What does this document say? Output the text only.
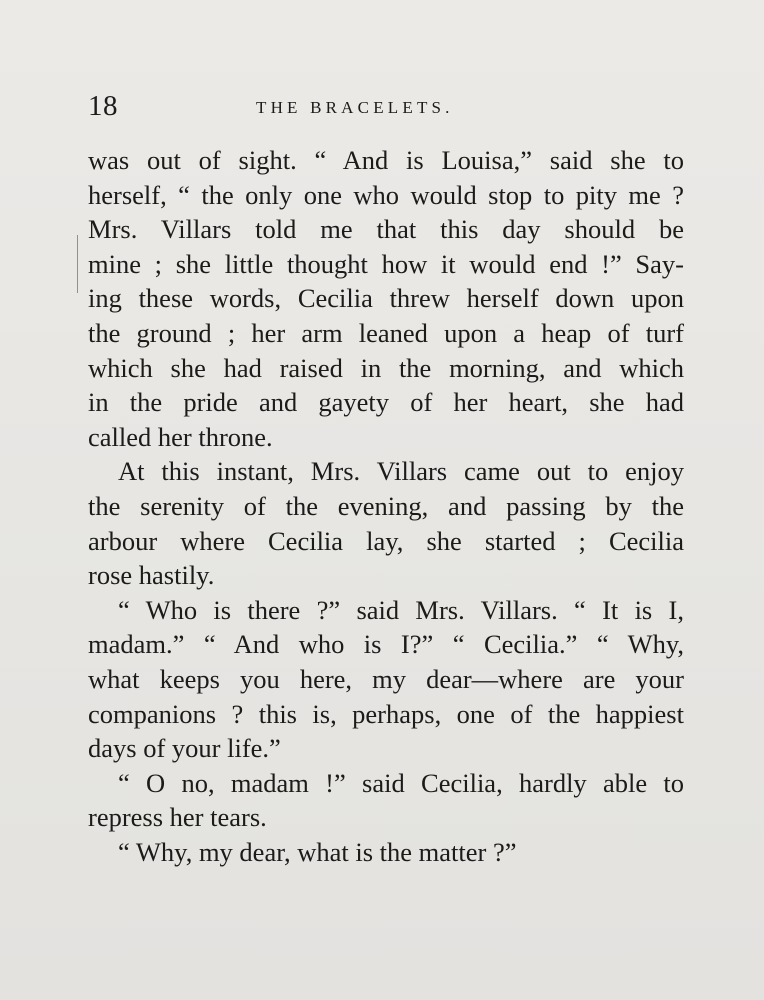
18	THE BRACELETS.
was out of sight. “ And is Louisa,” said she to
herself, “ the only one who would stop to pity me ?
Mrs. Villars told me that this day should be
mine ; she little thought how it would end !” Say-
ing these words, Cecilia threw herself down upon
the ground ; her arm leaned upon a heap of turf
which she had raised in the morning, and which
in the pride and gayety of her heart, she had
called her throne.
At this instant, Mrs. Villars came out to enjoy
the serenity of the evening, and passing by the
arbour where Cecilia lay, she started ; Cecilia
rose hastily.
“ Who is there ?” said Mrs. Villars. “ It is I,
madam.” “ And who is I?” “ Cecilia.” “ Why,
what keeps you here, my dear—where are your
companions ? this is, perhaps, one of the happiest
days of your life.”
“ O no, madam !” said Cecilia, hardly able to
repress her tears.
“ Why, my dear, what is the matter ?”
